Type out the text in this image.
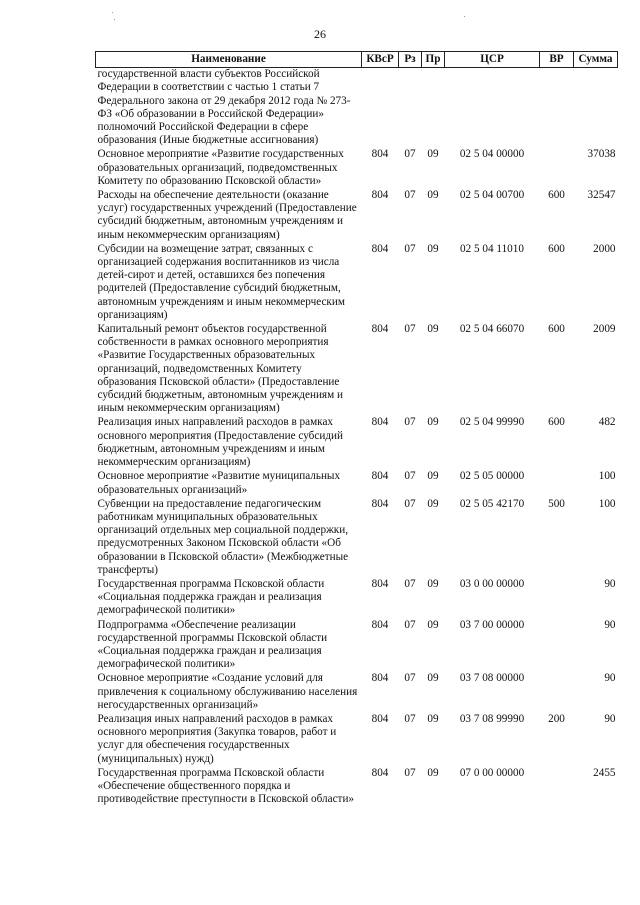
26
Наименование	КВсР	Рз	Пр	ЦСР	ВР	Сумма
государственной власти субъектов Российской Федерации в соответствии с частью 1 статьи 7 Федерального закона от 29 декабря 2012 года № 273-ФЗ «Об образовании в Российской Федерации» полномочий Российской Федерации в сфере образования (Иные бюджетные ассигнования)						
Основное мероприятие «Развитие государственных образовательных организаций, подведомственных Комитету по образованию Псковской области»	804	07	09	02 5 04 00000		37038
Расходы на обеспечение деятельности (оказание услуг) государственных учреждений (Предоставление субсидий бюджетным, автономным учреждениям и иным некоммерческим организациям)	804	07	09	02 5 04 00700	600	32547
Субсидии на возмещение затрат, связанных с организацией содержания воспитанников из числа детей-сирот и детей, оставшихся без попечения родителей (Предоставление субсидий бюджетным, автономным учреждениям и иным некоммерческим организациям)	804	07	09	02 5 04 11010	600	2000
Капитальный ремонт объектов государственной собственности в рамках основного мероприятия «Развитие Государственных образовательных организаций, подведомственных Комитету образования Псковской области» (Предоставление субсидий бюджетным, автономным учреждениям и иным некоммерческим организациям)	804	07	09	02 5 04 66070	600	2009
Реализация иных направлений расходов в рамках основного мероприятия (Предоставление субсидий бюджетным, автономным учреждениям и иным некоммерческим организациям)	804	07	09	02 5 04 99990	600	482
Основное мероприятие «Развитие муниципальных образовательных организаций»	804	07	09	02 5 05 00000		100
Субвенции на предоставление педагогическим работникам муниципальных образовательных организаций отдельных мер социальной поддержки, предусмотренных Законом Псковской области «Об образовании в Псковской области» (Межбюджетные трансферты)	804	07	09	02 5 05 42170	500	100
Государственная программа Псковской области «Социальная поддержка граждан и реализация демографической политики»	804	07	09	03 0 00 00000		90
Подпрограмма «Обеспечение реализации государственной программы Псковской области «Социальная поддержка граждан и реализация демографической политики»	804	07	09	03 7 00 00000		90
Основное мероприятие «Создание условий для привлечения к социальному обслуживанию населения негосударственных организаций»	804	07	09	03 7 08 00000		90
Реализация иных направлений расходов в рамках основного мероприятия (Закупка товаров, работ и услуг для обеспечения государственных (муниципальных) нужд)	804	07	09	03 7 08 99990	200	90
Государственная программа Псковской области «Обеспечение общественного порядка и противодействие преступности в Псковской области»	804	07	09	07 0 00 00000		2455
